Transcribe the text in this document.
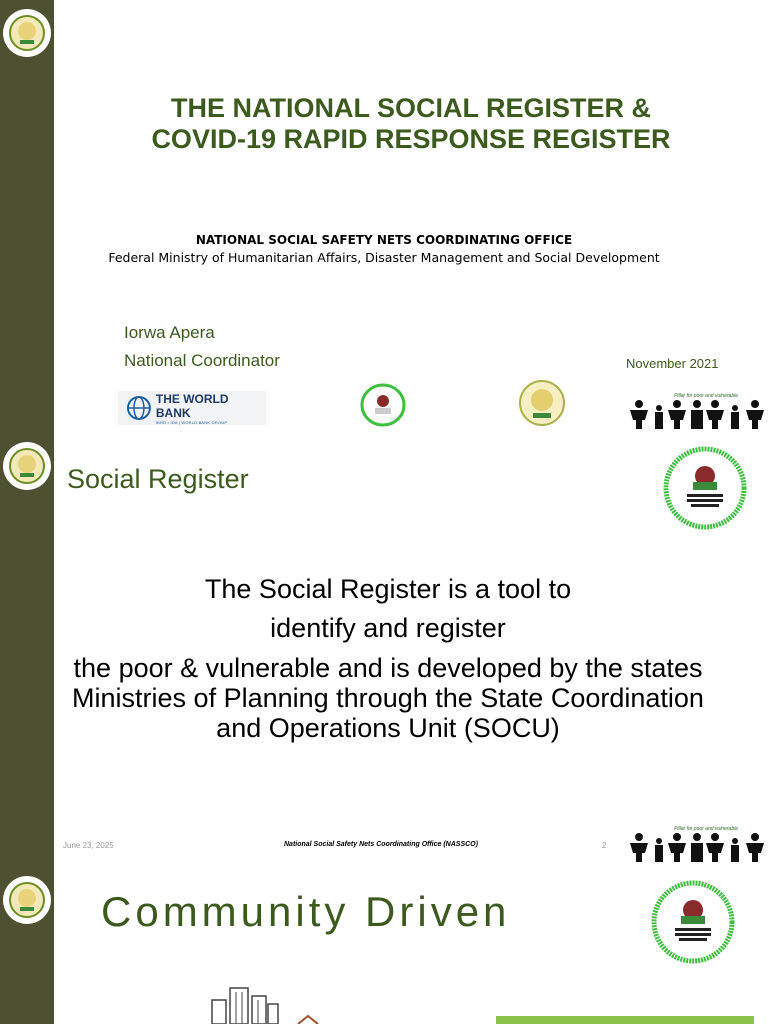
THE NATIONAL SOCIAL REGISTER &
COVID-19 RAPID RESPONSE REGISTER
NATIONAL SOCIAL SAFETY NETS COORDINATING OFFICE
Federal Ministry of Humanitarian Affairs, Disaster Management and Social Development
Iorwa Apera
National Coordinator	November 2021
THE WORLD BANK
IBRD • IDA | WORLD BANK GROUP
Pillar for poor and vulnerable
Social Register
The Social Register is a tool to
identify and register
the poor & vulnerable and is developed by the states Ministries of Planning through the State Coordination and Operations Unit (SOCU)
June 23, 2025	National Social Safety Nets Coordinating Office (NASSCO)	2
Pillar for poor and vulnerable
Community Driven
